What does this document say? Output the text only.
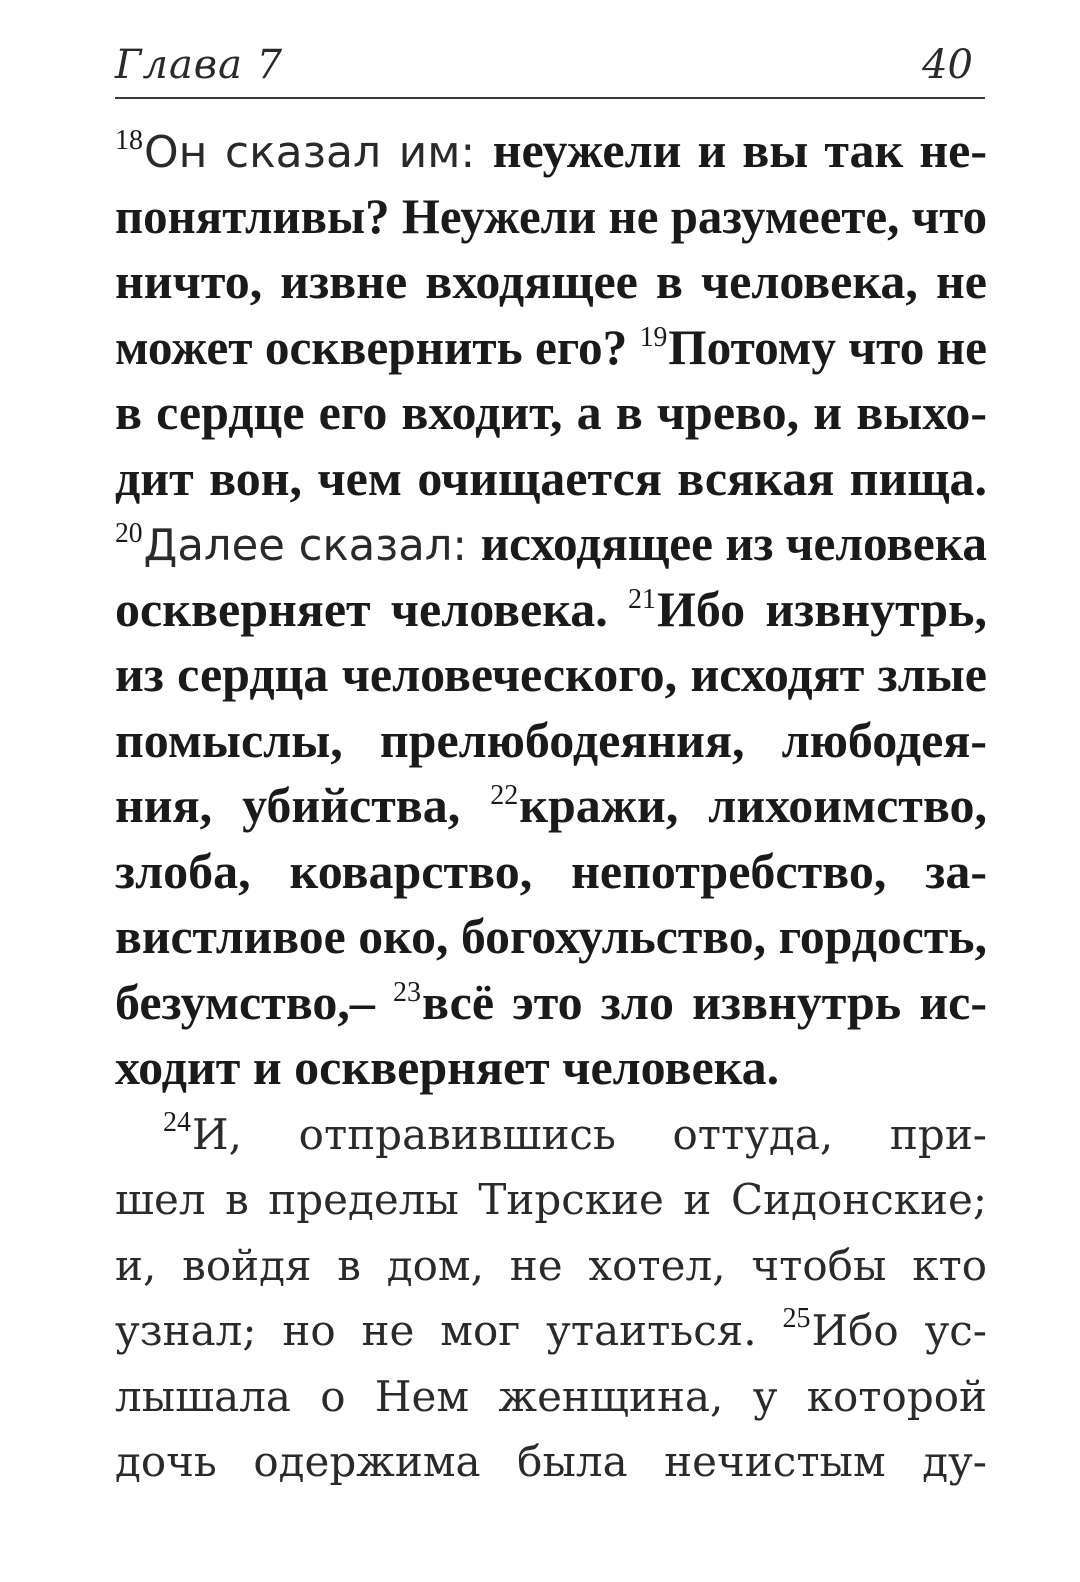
Глава 7	40
$^{18}$Он сказал им: неужели и вы так не-
понятливы? Неужели не разумеете, что
ничто, извне входящее в человека, не
может осквернить его? $^{19}$Потому что не
в сердце его входит, а в чрево, и выхо-
дит вон, чем очищается всякая пища.
$^{20}$Далее сказал: исходящее из человека
оскверняет человека. $^{21}$Ибо извнутрь,
из сердца человеческого, исходят злые
помыслы, прелюбодеяния, любодея-
ния, убийства, $^{22}$кражи, лихоимство,
злоба, коварство, непотребство, за-
вистливое око, богохульство, гордость,
безумство,– $^{23}$всё это зло извнутрь ис-
ходит и оскверняет человека.
$^{24}$И, отправившись оттуда, при-
шел в пределы Тирские и Сидонские;
и, войдя в дом, не хотел, чтобы кто
узнал; но не мог утаиться. $^{25}$Ибо ус-
лышала о Нем женщина, у которой
дочь одержима была нечистым ду-
